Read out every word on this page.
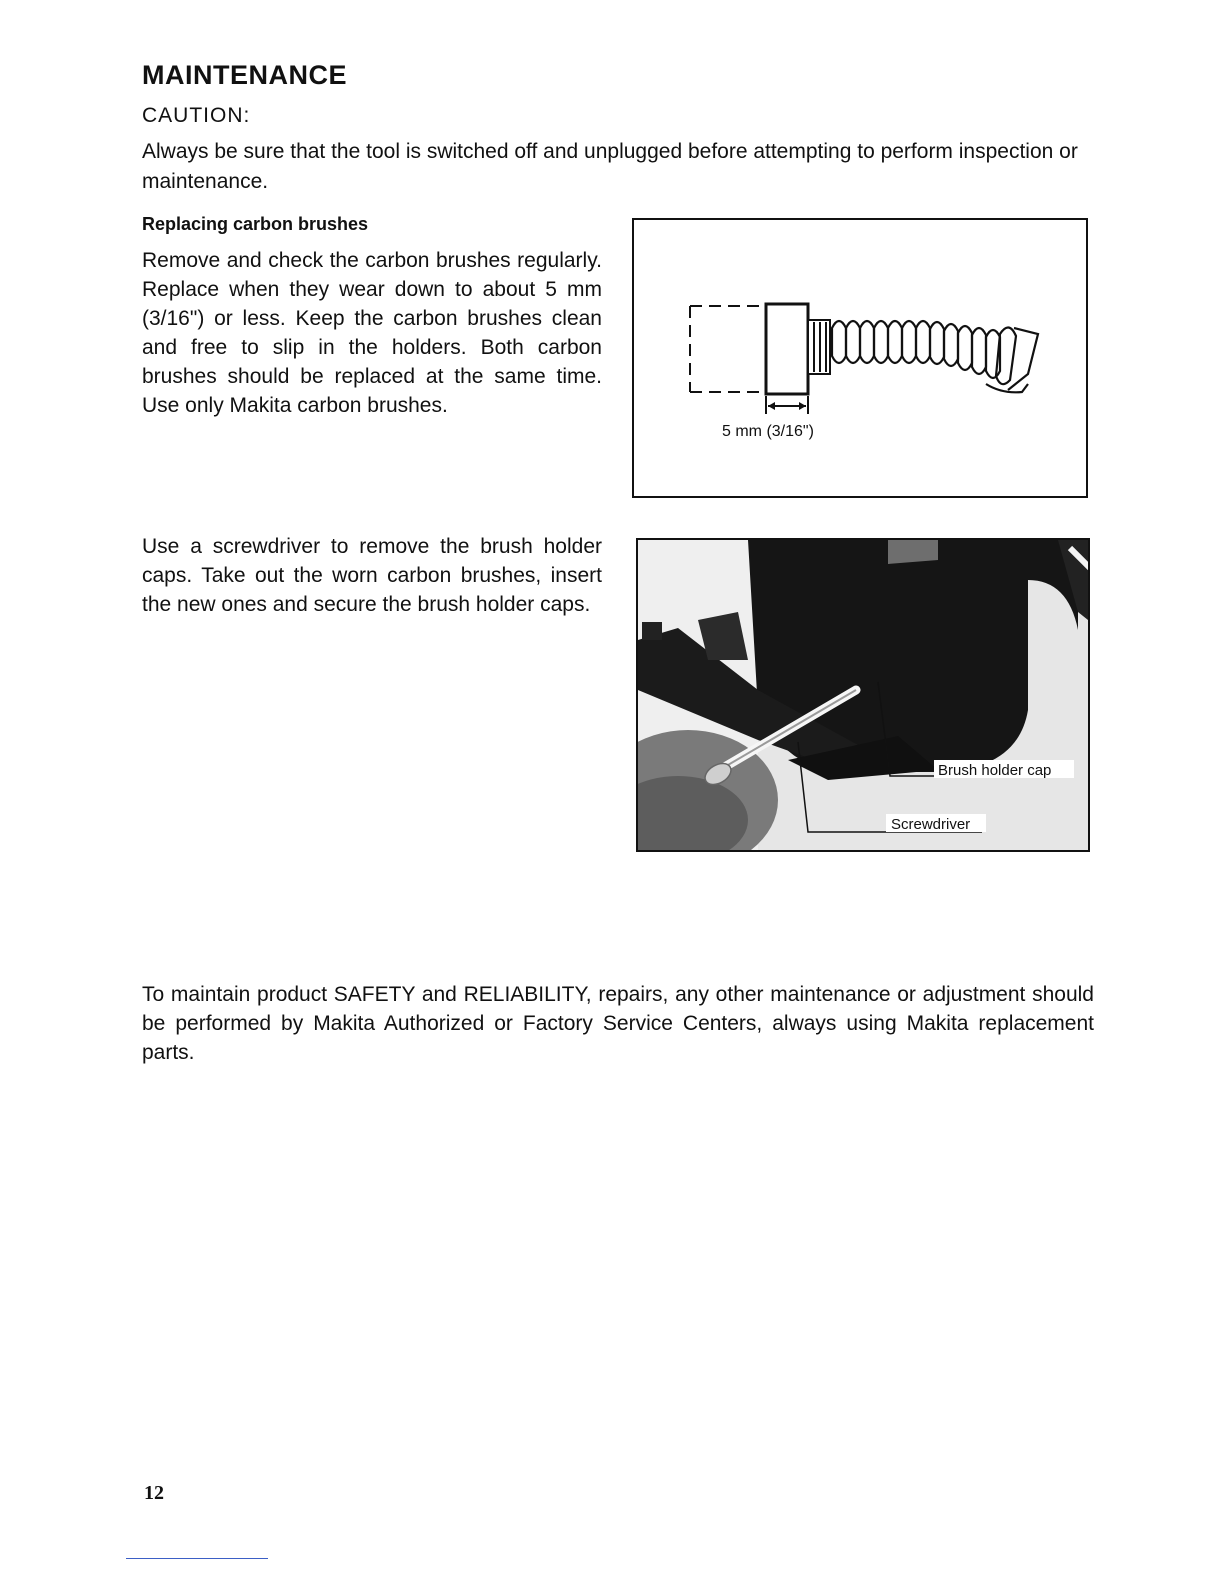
MAINTENANCE
CAUTION:
Always be sure that the tool is switched off and unplugged before attempting to perform inspection or maintenance.
Replacing carbon brushes
Remove and check the carbon brushes regularly. Replace when they wear down to about 5 mm (3/16") or less. Keep the carbon brushes clean and free to slip in the holders. Both carbon brushes should be replaced at the same time. Use only Makita carbon brushes.
Use a screwdriver to remove the brush holder caps. Take out the worn carbon brushes, insert the new ones and secure the brush holder caps.
5 mm (3/16")
Brush holder cap
Screwdriver
To maintain product SAFETY and RELIABILITY, repairs, any other maintenance or adjustment should be performed by Makita Authorized or Factory Service Centers, always using Makita replacement parts.
12
